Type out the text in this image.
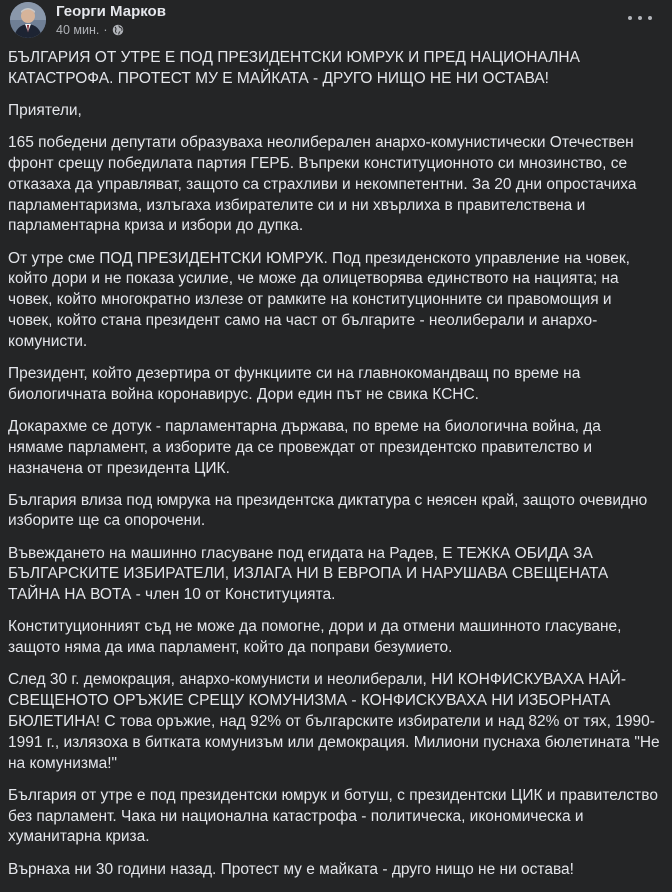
Георги Марков
40 мин. ·

БЪЛГАРИЯ ОТ УТРЕ Е ПОД ПРЕЗИДЕНТСКИ ЮМРУК И ПРЕД НАЦИОНАЛНА КАТАСТРОФА. ПРОТЕСТ МУ Е МАЙКАТА - ДРУГО НИЩО НЕ НИ ОСТАВА!

Приятели,

165 победени депутати образуваха неолиберален анархо-комунистически Отечествен фронт срещу победилата партия ГЕРБ. Въпреки конституционното си мнозинство, се отказаха да управляват, защото са страхливи и некомпетентни. За 20 дни опростачиха парламентаризма, излъгаха избирателите си и ни хвърлиха в правителствена и парламентарна криза и избори до дупка.

От утре сме ПОД ПРЕЗИДЕНТСКИ ЮМРУК. Под президенското управление на човек, който дори и не показа усилие, че може да олицетворява единството на нацията; на човек, който многократно излезе от рамките на конституционните си правомощия и човек, който стана президент само на част от българите - неолиберали и анархо-комунисти.

Президент, който дезертира от функциите си на главнокомандващ по време на биологичната война коронавирус. Дори един път не свика КСНС.

Докарахме се дотук - парламентарна държава, по време на биологична война, да нямаме парламент, а изборите да се провеждат от президентско правителство и назначена от президента ЦИК.

България влиза под юмрука на президентска диктатура с неясен край, защото очевидно изборите ще са опорочени.

Въвеждането на машинно гласуване под егидата на Радев, Е ТЕЖКА ОБИДА ЗА БЪЛГАРСКИТЕ ИЗБИРАТЕЛИ, ИЗЛАГА НИ В ЕВРОПА И НАРУШАВА СВЕЩЕНАТА ТАЙНА НА ВОТА - член 10 от Конституцията.

Конституционният съд не може да помогне, дори и да отмени машинното гласуване, защото няма да има парламент, който да поправи безумието.

След 30 г. демокрация, анархо-комунисти и неолиберали, НИ КОНФИСКУВАХА НАЙ-СВЕЩЕНОТО ОРЪЖИЕ СРЕЩУ КОМУНИЗМА - КОНФИСКУВАХА НИ ИЗБОРНАТА БЮЛЕТИНА! С това оръжие, над 92% от българските избиратели и над 82% от тях, 1990-1991 г., излязоха в битката комунизъм или демокрация. Милиони пуснаха бюлетината "Не на комунизма!"

България от утре е под президентски юмрук и ботуш, с президентски ЦИК и правителство без парламент. Чака ни национална катастрофа - политическа, икономическа и хуманитарна криза.

Върнаха ни 30 години назад. Протест му е майката - друго нищо не ни остава!
